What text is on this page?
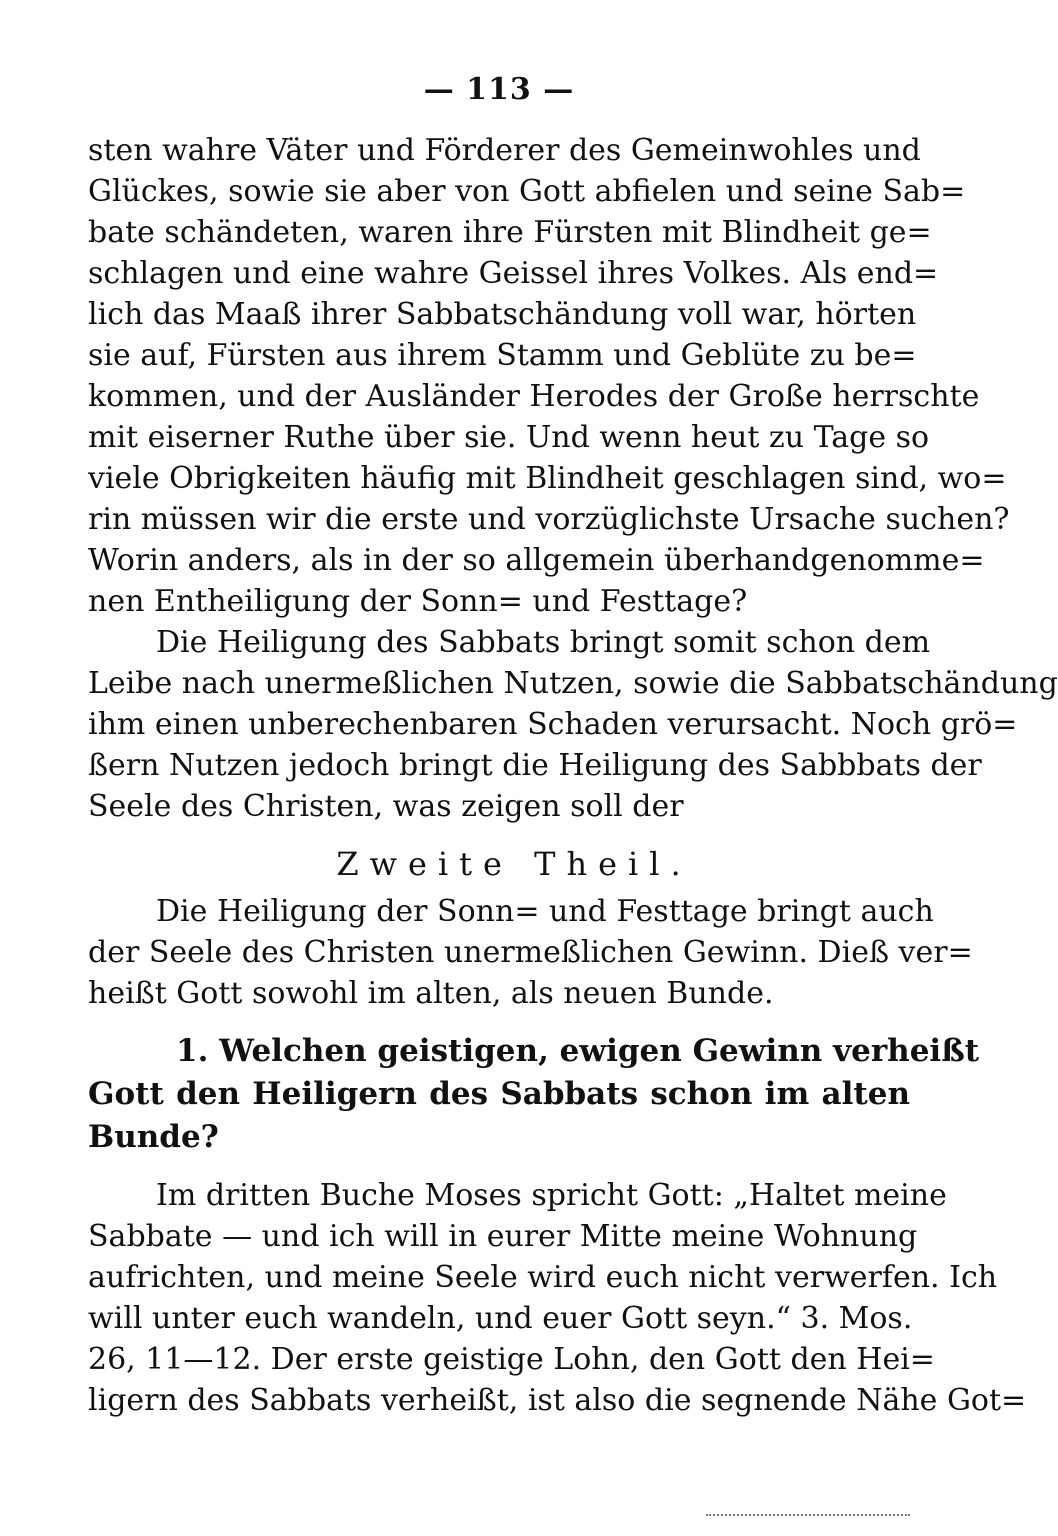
— 113 —
sten wahre Väter und Förderer des Gemeinwohles und
Glückes, sowie sie aber von Gott abfielen und seine Sab=
bate schändeten, waren ihre Fürsten mit Blindheit ge=
schlagen und eine wahre Geissel ihres Volkes. Als end=
lich das Maaß ihrer Sabbatschändung voll war, hörten
sie auf, Fürsten aus ihrem Stamm und Geblüte zu be=
kommen, und der Ausländer Herodes der Große herrschte
mit eiserner Ruthe über sie. Und wenn heut zu Tage so
viele Obrigkeiten häufig mit Blindheit geschlagen sind, wo=
rin müssen wir die erste und vorzüglichste Ursache suchen?
Worin anders, als in der so allgemein überhandgenomme=
nen Entheiligung der Sonn= und Festtage?
Die Heiligung des Sabbats bringt somit schon dem
Leibe nach unermeßlichen Nutzen, sowie die Sabbatschändung
ihm einen unberechenbaren Schaden verursacht. Noch grö=
ßern Nutzen jedoch bringt die Heiligung des Sabbbats der
Seele des Christen, was zeigen soll der
Zweite Theil.
Die Heiligung der Sonn= und Festtage bringt auch
der Seele des Christen unermeßlichen Gewinn. Dieß ver=
heißt Gott sowohl im alten, als neuen Bunde.
1. Welchen geistigen, ewigen Gewinn verheißt
Gott den Heiligern des Sabbats schon im alten
Bunde?
Im dritten Buche Moses spricht Gott: „Haltet meine
Sabbate — und ich will in eurer Mitte meine Wohnung
aufrichten, und meine Seele wird euch nicht verwerfen. Ich
will unter euch wandeln, und euer Gott seyn.“ 3. Mos.
26, 11—12. Der erste geistige Lohn, den Gott den Hei=
ligern des Sabbats verheißt, ist also die segnende Nähe Got=
